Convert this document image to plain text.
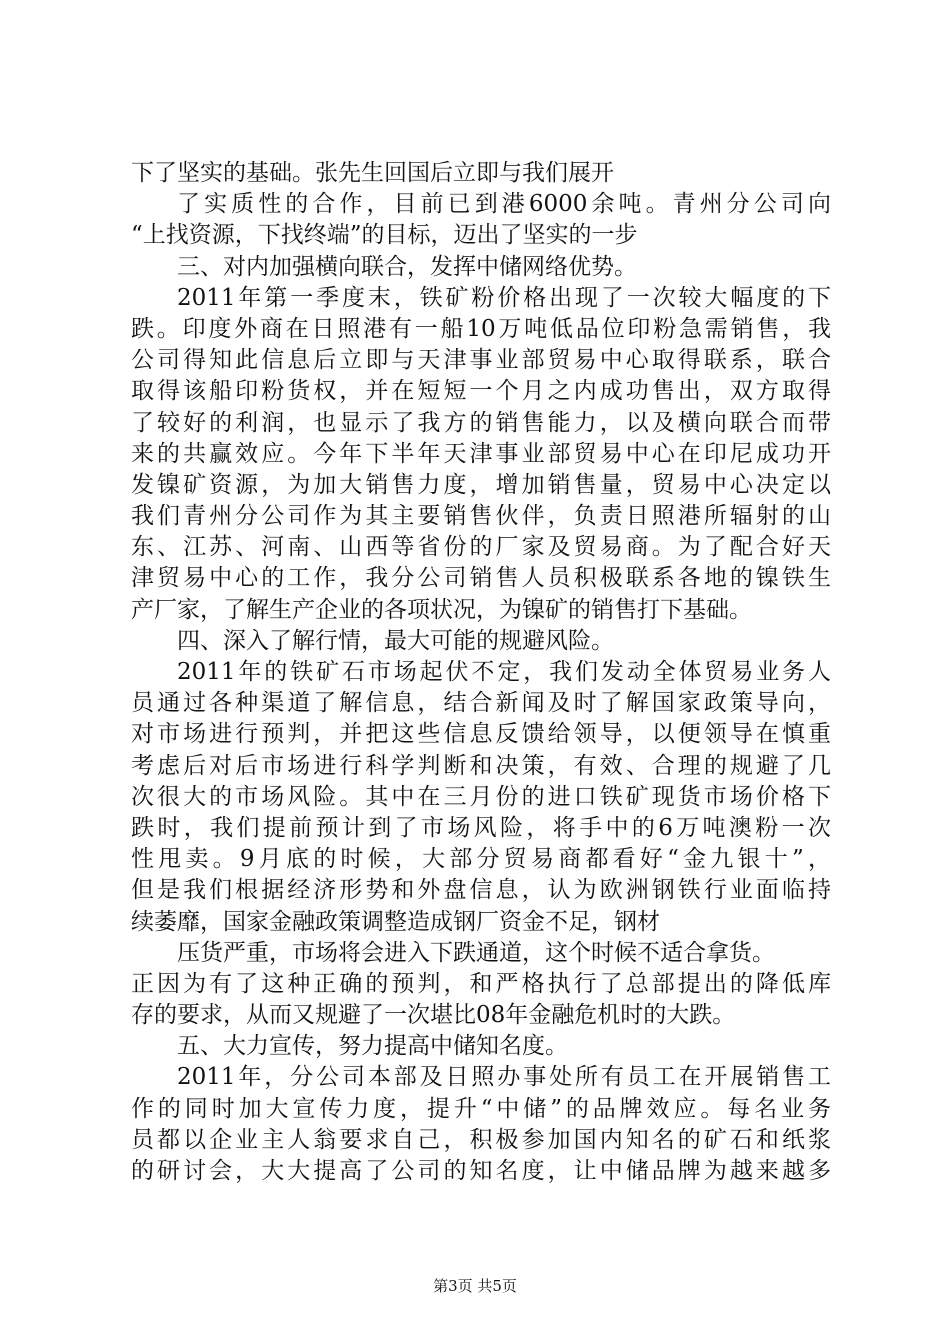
下了坚实的基础。张先生回国后立即与我们展开
了实质性的合作，目前已到港6000余吨。青州分公司向
“上找资源，下找终端”的目标，迈出了坚实的一步
三、对内加强横向联合，发挥中储网络优势。
2011年第一季度末，铁矿粉价格出现了一次较大幅度的下
跌。印度外商在日照港有一船10万吨低品位印粉急需销售，我
公司得知此信息后立即与天津事业部贸易中心取得联系，联合
取得该船印粉货权，并在短短一个月之内成功售出，双方取得
了较好的利润，也显示了我方的销售能力，以及横向联合而带
来的共赢效应。今年下半年天津事业部贸易中心在印尼成功开
发镍矿资源，为加大销售力度，增加销售量，贸易中心决定以
我们青州分公司作为其主要销售伙伴，负责日照港所辐射的山
东、江苏、河南、山西等省份的厂家及贸易商。为了配合好天
津贸易中心的工作，我分公司销售人员积极联系各地的镍铁生
产厂家，了解生产企业的各项状况，为镍矿的销售打下基础。
四、深入了解行情，最大可能的规避风险。
2011年的铁矿石市场起伏不定，我们发动全体贸易业务人
员通过各种渠道了解信息，结合新闻及时了解国家政策导向，
对市场进行预判，并把这些信息反馈给领导，以便领导在慎重
考虑后对后市场进行科学判断和决策，有效、合理的规避了几
次很大的市场风险。其中在三月份的进口铁矿现货市场价格下
跌时，我们提前预计到了市场风险，将手中的6万吨澳粉一次
性甩卖。9月底的时候，大部分贸易商都看好“金九银十”，
但是我们根据经济形势和外盘信息，认为欧洲钢铁行业面临持
续萎靡，国家金融政策调整造成钢厂资金不足，钢材
压货严重，市场将会进入下跌通道，这个时候不适合拿货。
正因为有了这种正确的预判，和严格执行了总部提出的降低库
存的要求，从而又规避了一次堪比08年金融危机时的大跌。
五、大力宣传，努力提高中储知名度。
2011年，分公司本部及日照办事处所有员工在开展销售工
作的同时加大宣传力度，提升“中储”的品牌效应。每名业务
员都以企业主人翁要求自己，积极参加国内知名的矿石和纸浆
的研讨会，大大提高了公司的知名度，让中储品牌为越来越多
第3页 共5页
